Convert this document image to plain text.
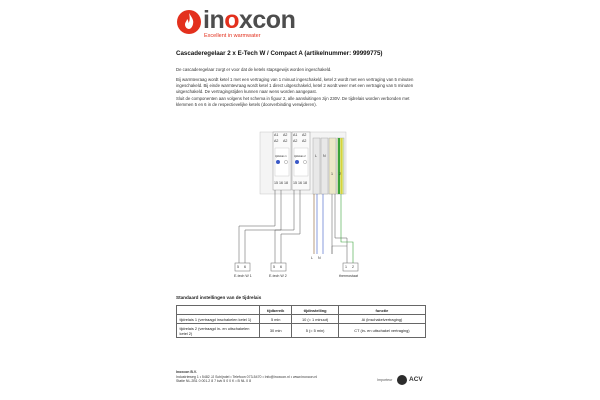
inoxcon
Excellent in warmwater
Cascaderegelaar 2 x E-Tech W / Compact A (artikelnummer: 99999775)
De cascaderegelaar zorgt er voor dat de ketels stapsgewijs worden ingeschakeld.
Bij warmtevraag wordt ketel 1 met een vertraging van 1 minuut ingeschakeld, ketel 2 wordt met een vertraging van 5 minuten ingeschakeld. Bij einde warmtevraag wordt ketel 1 direct uitgeschakeld, ketel 2 wordt weer met een vertraging van 5 minuten uitgeschakeld. De vertragingstijden kunnen naar wens worden aangepast.
Sluit de componenten aan volgens het schema in figuur 2, alle aansluitingen zijn 230V. De tijdrelais worden verbonden met klemmen 5 en 6 in de respectievelijke ketels (doorverbinding verwijderen).
A1 A2
A2 A2
A1 A2
A2 A2
tijdrelais 1	tijdrelais 2
15 16 18 15 16 18
L N
1 2
L N
5 6	5 6	1 2
E-tech W 1	E-tech W 2	thermostaat
Standaard instellingen van de tijdrelais
	tijdbereik	tijdinstelling	functie
tijdrelais 1 (vertraagd inschakelen ketel 1)	5 min	10 (= 1 minuut)	Ai (inschakelvertraging)
tijdrelais 2 (vertraagd in- en uitschakelen ketel 2)	30 min	5 (= 5 min)	CT (in- en uitschakel vertraging)
Inoxcon B.V.
Industrieweg 1 • 5482 JJ Schijndel • Telefoon 073-5470 • Info@inoxcon.nl • www.inoxcon.nl
Statie NL.2B1 0 001.2 8 7 kvk 5 0 0 K • B NL 0 8	Importeur	ACV
